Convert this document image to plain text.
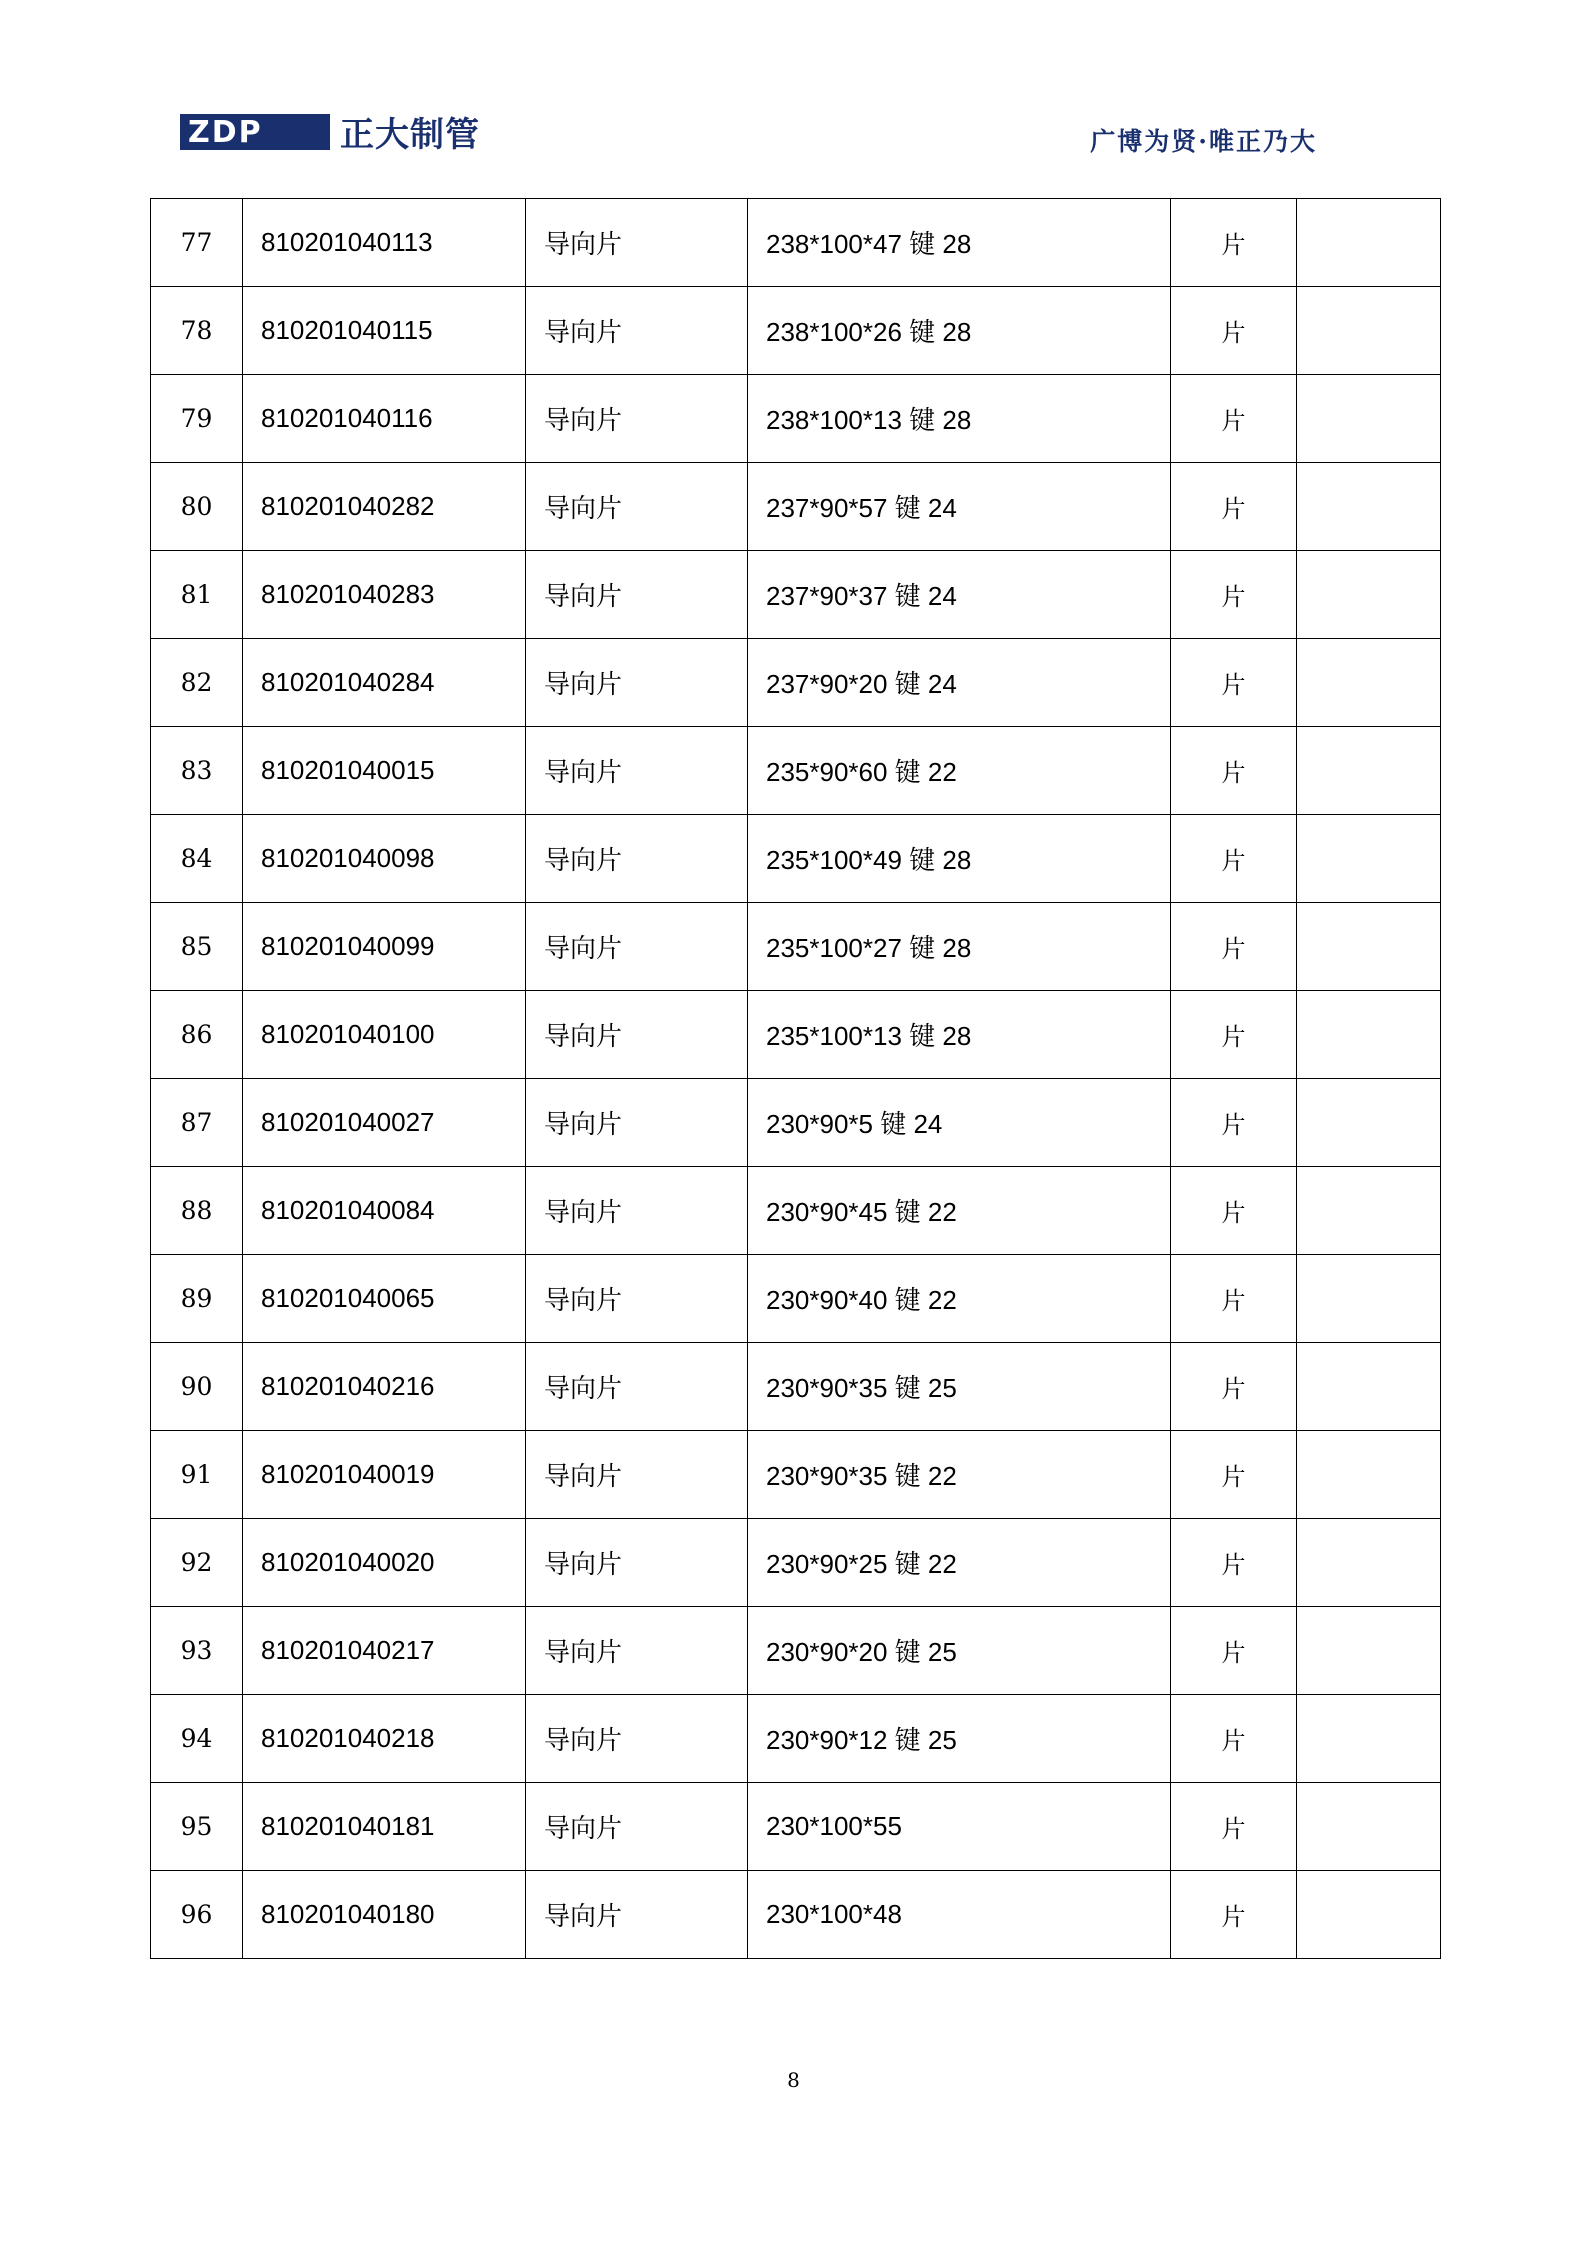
ZDP 正大制管	广博为贤·唯正乃大
77	810201040113	导向片	238*100*47 键 28	片	
78	810201040115	导向片	238*100*26 键 28	片	
79	810201040116	导向片	238*100*13 键 28	片	
80	810201040282	导向片	237*90*57 键 24	片	
81	810201040283	导向片	237*90*37 键 24	片	
82	810201040284	导向片	237*90*20 键 24	片	
83	810201040015	导向片	235*90*60 键 22	片	
84	810201040098	导向片	235*100*49 键 28	片	
85	810201040099	导向片	235*100*27 键 28	片	
86	810201040100	导向片	235*100*13 键 28	片	
87	810201040027	导向片	230*90*5 键 24	片	
88	810201040084	导向片	230*90*45 键 22	片	
89	810201040065	导向片	230*90*40 键 22	片	
90	810201040216	导向片	230*90*35 键 25	片	
91	810201040019	导向片	230*90*35 键 22	片	
92	810201040020	导向片	230*90*25 键 22	片	
93	810201040217	导向片	230*90*20 键 25	片	
94	810201040218	导向片	230*90*12 键 25	片	
95	810201040181	导向片	230*100*55	片	
96	810201040180	导向片	230*100*48	片	
8
